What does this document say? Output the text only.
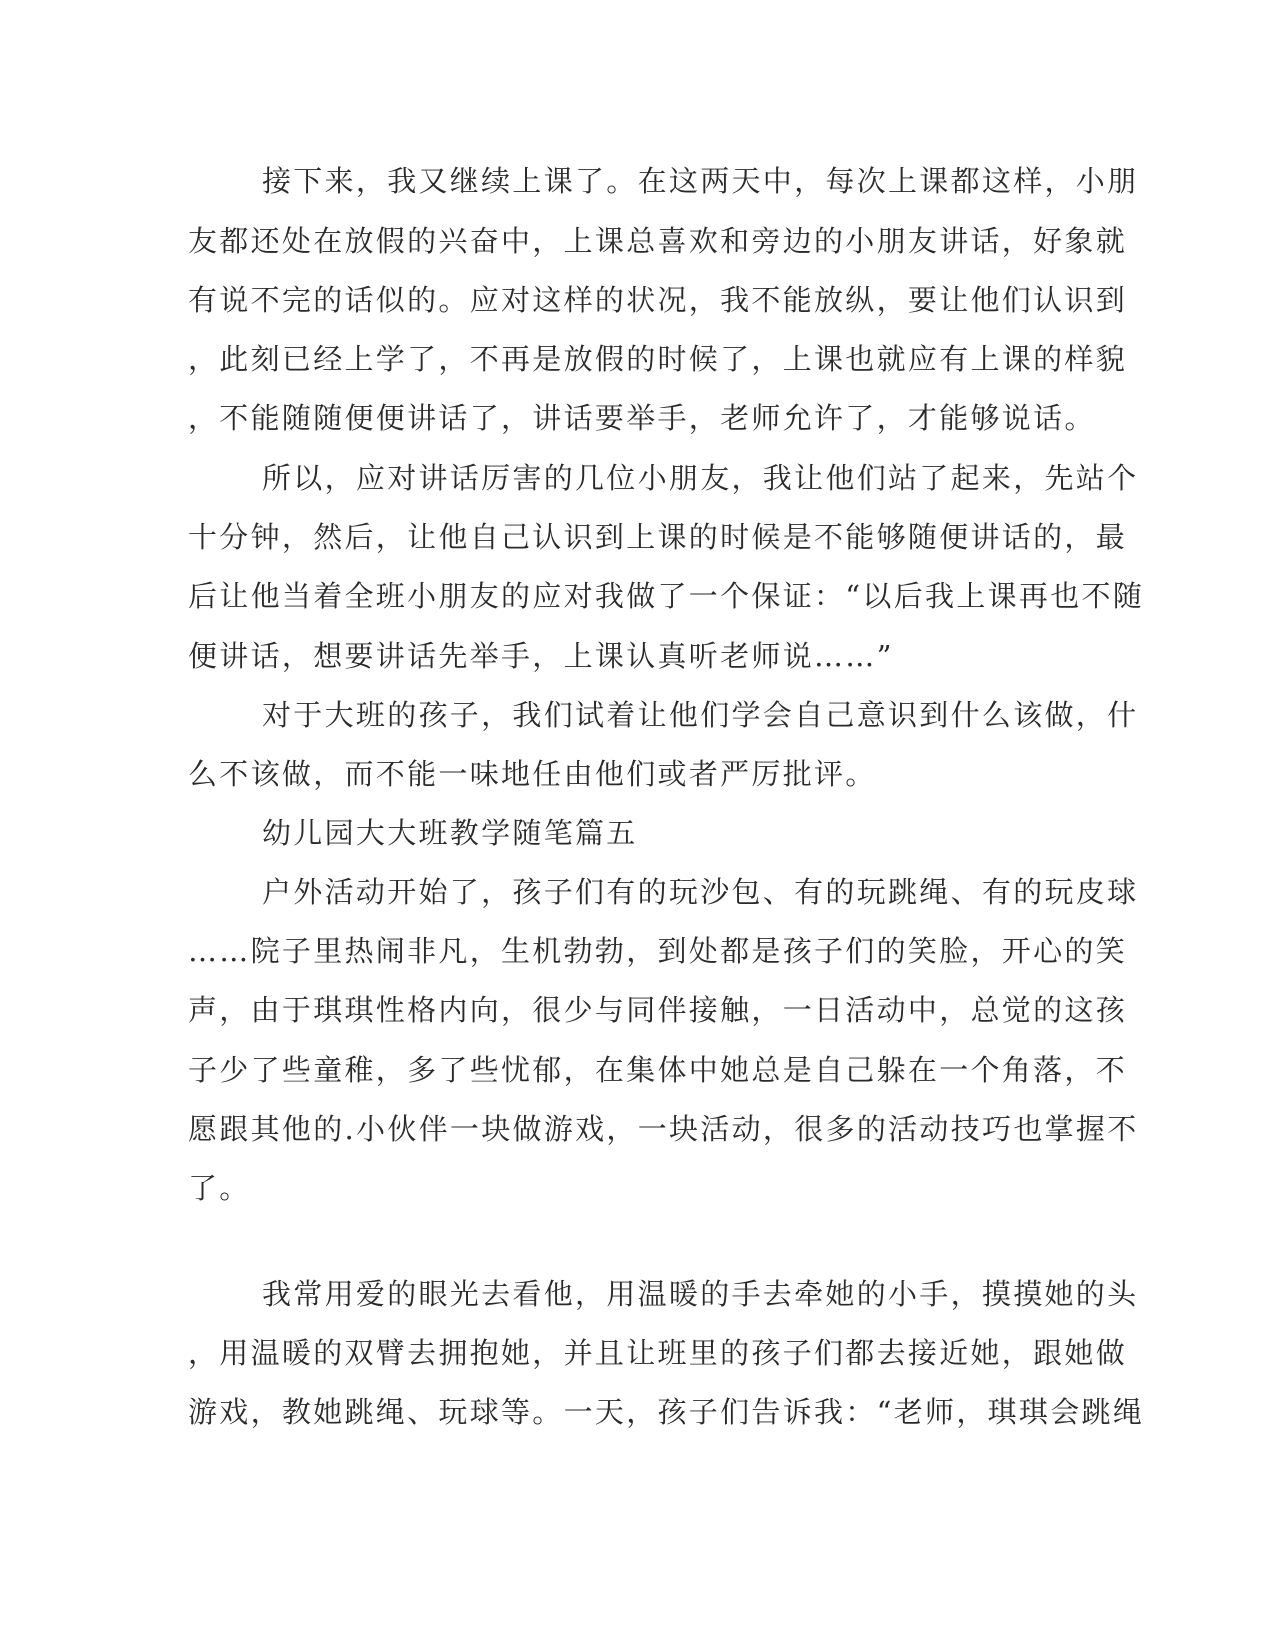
接下来，我又继续上课了。在这两天中，每次上课都这样，小朋
友都还处在放假的兴奋中，上课总喜欢和旁边的小朋友讲话，好象就
有说不完的话似的。应对这样的状况，我不能放纵，要让他们认识到
，此刻已经上学了，不再是放假的时候了，上课也就应有上课的样貌
，不能随随便便讲话了，讲话要举手，老师允许了，才能够说话。
所以，应对讲话厉害的几位小朋友，我让他们站了起来，先站个
十分钟，然后，让他自己认识到上课的时候是不能够随便讲话的，最
后让他当着全班小朋友的应对我做了一个保证：“以后我上课再也不随
便讲话，想要讲话先举手，上课认真听老师说……”
对于大班的孩子，我们试着让他们学会自己意识到什么该做，什
么不该做，而不能一味地任由他们或者严厉批评。
幼儿园大大班教学随笔篇五
户外活动开始了，孩子们有的玩沙包、有的玩跳绳、有的玩皮球
……院子里热闹非凡，生机勃勃，到处都是孩子们的笑脸，开心的笑
声，由于琪琪性格内向，很少与同伴接触，一日活动中，总觉的这孩
子少了些童稚，多了些忧郁，在集体中她总是自己躲在一个角落，不
愿跟其他的.小伙伴一块做游戏，一块活动，很多的活动技巧也掌握不
了。
我常用爱的眼光去看他，用温暖的手去牵她的小手，摸摸她的头
，用温暖的双臂去拥抱她，并且让班里的孩子们都去接近她，跟她做
游戏，教她跳绳、玩球等。一天，孩子们告诉我：“老师，琪琪会跳绳
